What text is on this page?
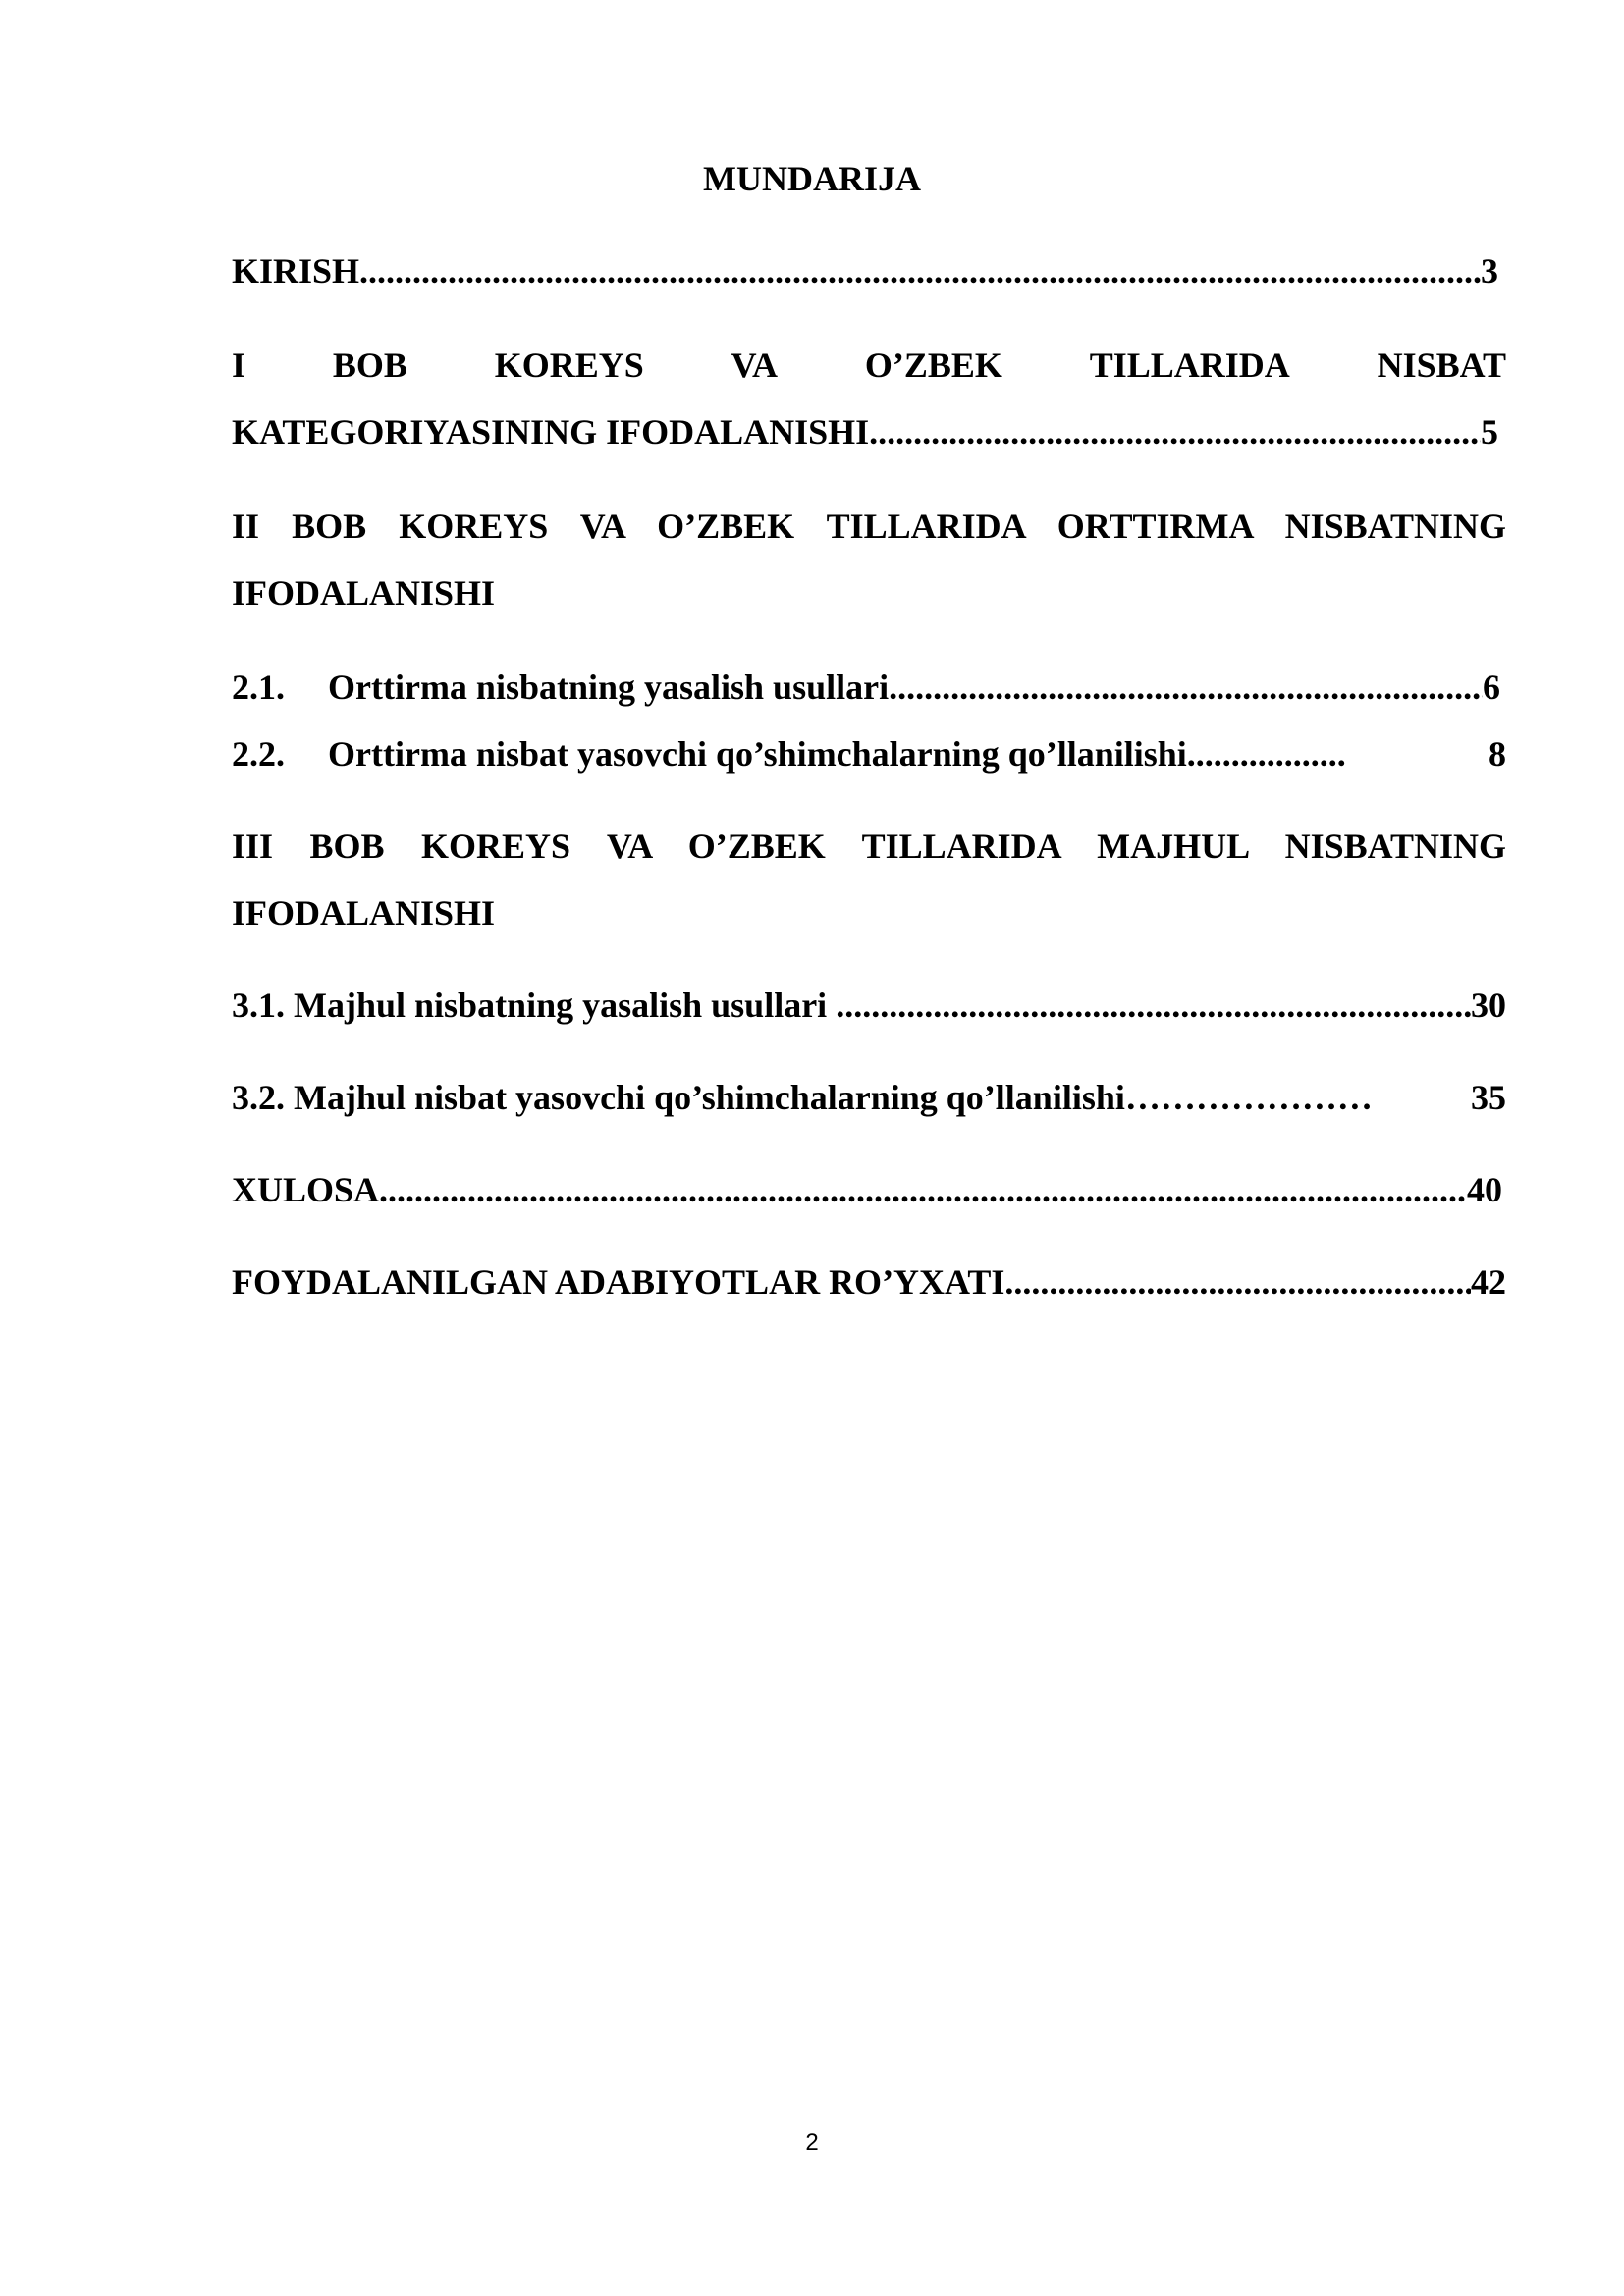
MUNDARIJA
KIRISH .....	3
I BOB KOREYS VA O’ZBEK TILLARIDA NISBAT
KATEGORIYASINING IFODALANISHI .....	5
II BOB KOREYS VA O’ZBEK TILLARIDA ORTTIRMA NISBATNING
IFODALANISHI
2.1.	Orttirma nisbatning yasalish usullari .....	6
2.2.	Orttirma nisbat yasovchi qo’shimchalarning qo’llanilishi..................	8
III BOB KOREYS VA O’ZBEK TILLARIDA MAJHUL NISBATNING
IFODALANISHI
3.1. Majhul nisbatning yasalish usullari .....	30
3.2. Majhul nisbat yasovchi qo’shimchalarning qo’llanilishi…………………	35
XULOSA .....	40
FOYDALANILGAN ADABIYOTLAR RO’YXATI .....	42
2
